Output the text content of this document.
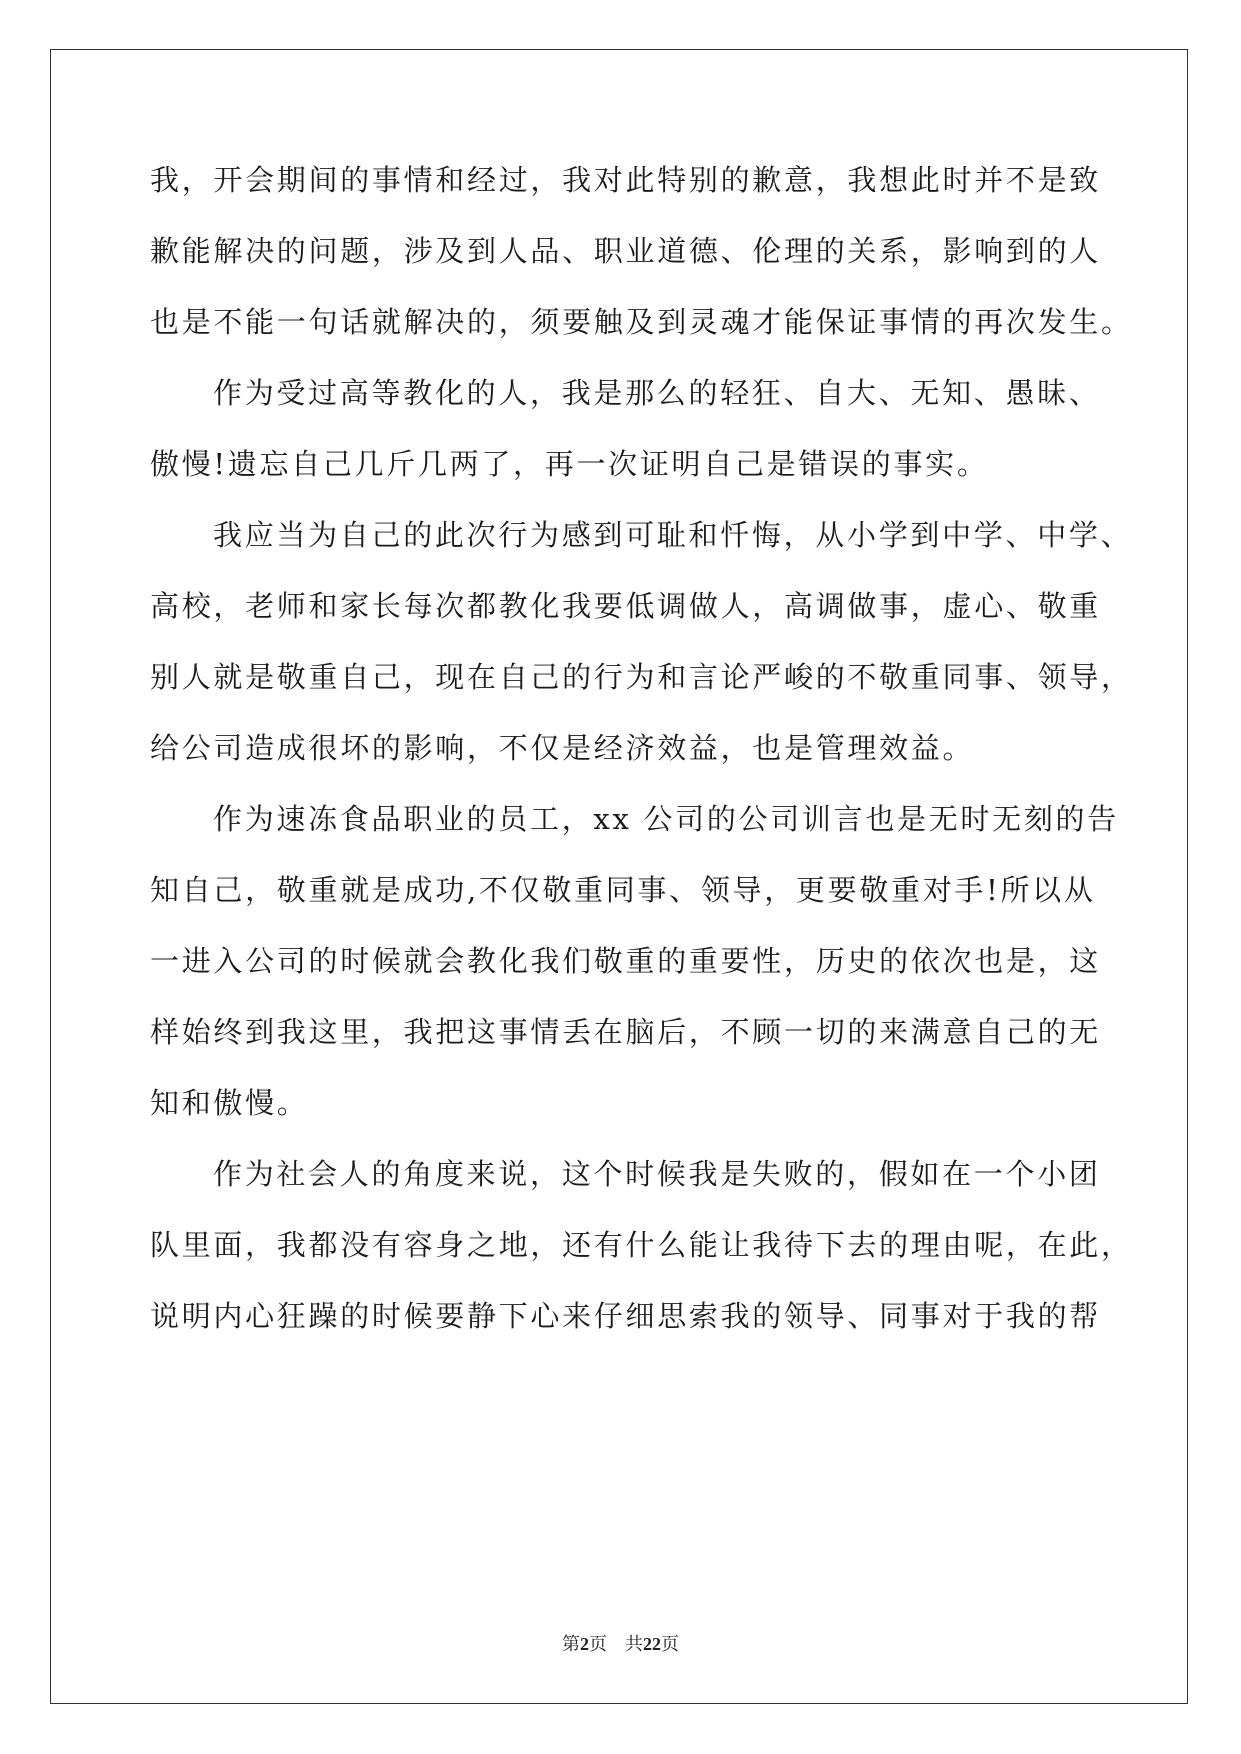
我，开会期间的事情和经过，我对此特别的歉意，我想此时并不是致
歉能解决的问题，涉及到人品、职业道德、伦理的关系，影响到的人
也是不能一句话就解决的，须要触及到灵魂才能保证事情的再次发生。
作为受过高等教化的人，我是那么的轻狂、自大、无知、愚昧、
傲慢!遗忘自己几斤几两了，再一次证明自己是错误的事实。
我应当为自己的此次行为感到可耻和忏悔，从小学到中学、中学、
高校，老师和家长每次都教化我要低调做人，高调做事，虚心、敬重
别人就是敬重自己，现在自己的行为和言论严峻的不敬重同事、领导，
给公司造成很坏的影响，不仅是经济效益，也是管理效益。
作为速冻食品职业的员工，xx 公司的公司训言也是无时无刻的告
知自己，敬重就是成功,不仅敬重同事、领导，更要敬重对手!所以从
一进入公司的时候就会教化我们敬重的重要性，历史的依次也是，这
样始终到我这里，我把这事情丢在脑后，不顾一切的来满意自己的无
知和傲慢。
作为社会人的角度来说，这个时候我是失败的，假如在一个小团
队里面，我都没有容身之地，还有什么能让我待下去的理由呢，在此，
说明内心狂躁的时候要静下心来仔细思索我的领导、同事对于我的帮
第2页 共22页
